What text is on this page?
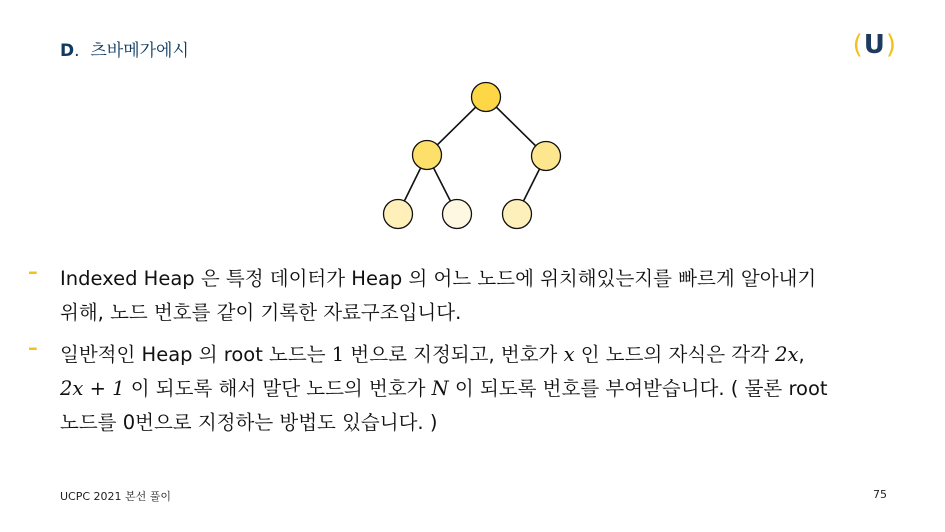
D. 츠바메가에시	(U)
– Indexed Heap 은 특정 데이터가 Heap 의 어느 노드에 위치해있는지를 빠르게 알아내기
위해, 노드 번호를 같이 기록한 자료구조입니다.
– 일반적인 Heap 의 root 노드는 1 번으로 지정되고, 번호가 x 인 노드의 자식은 각각 2x,
2x + 1 이 되도록 해서 말단 노드의 번호가 N 이 되도록 번호를 부여받습니다. ( 물론 root
노드를 0번으로 지정하는 방법도 있습니다. )
UCPC 2021 본선 풀이	75
